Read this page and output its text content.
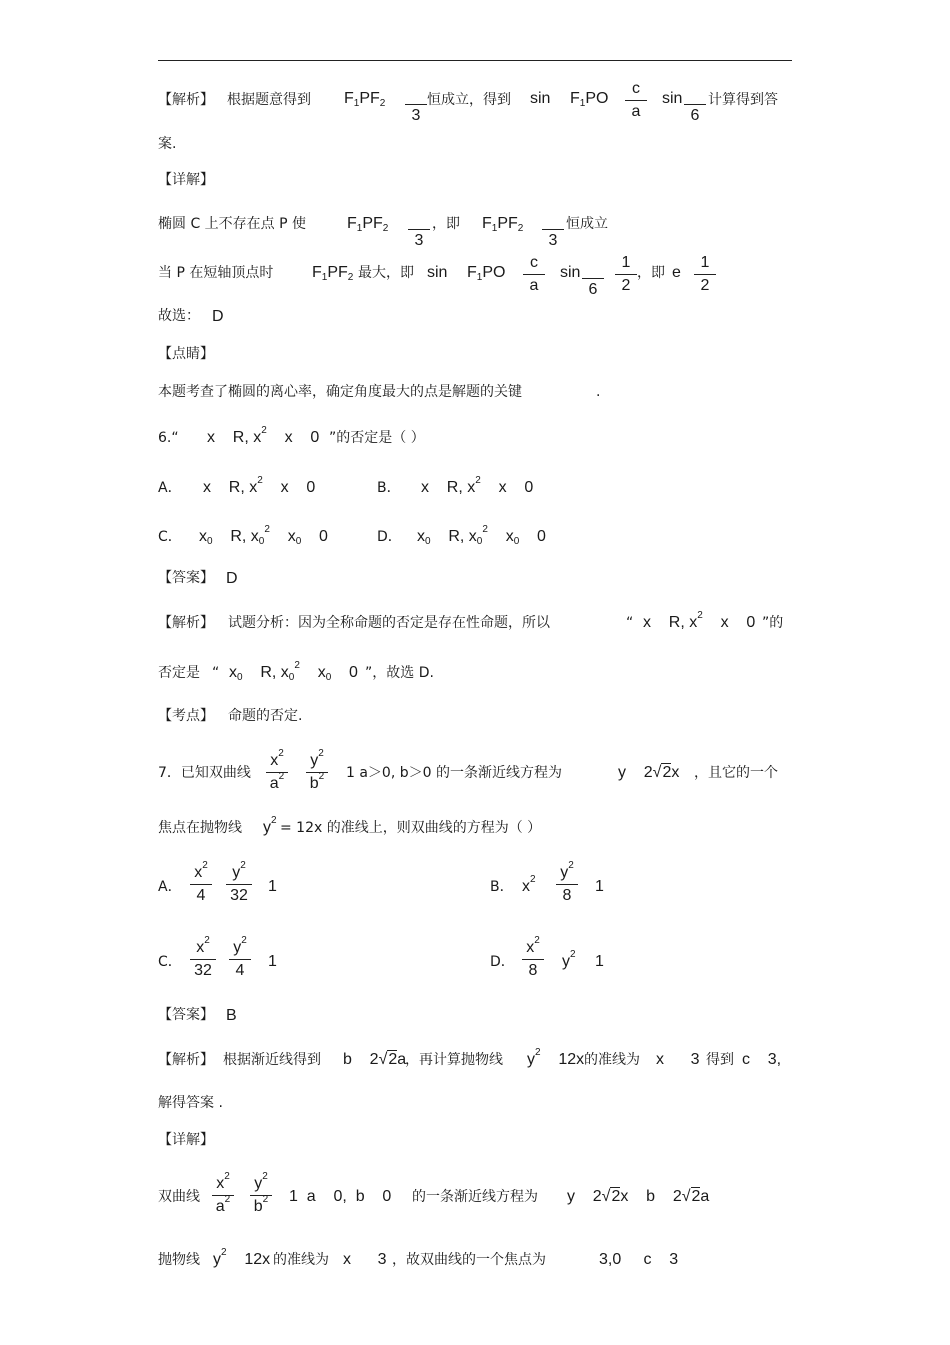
【解析】 根据题意得到 $F_1PF_2$

3
恒成立，得到 $\sin F_1PO$
c
a
sin

6
计算得到答
案.
【详解】
椭圆 C 上不存在点 P 使	$F_1PF_2$

3
，即 $F_1PF_2$

3
恒成立
当 P 在短轴顶点时 $F_1PF_2$ 最大，即 $\sin F_1PO$
c
a
sin

6
1
2
，即 e
1
2
故选： D
【点睛】
本题考查了椭圆的离心率，确定角度最大的点是解题的关键	.
6.“ x    R, $x^2$    x    0 ”的否定是（ ）
A． x    R, $x^2$    x    0	B． x    R, $x^2$    x    0
C． $x_0$    R, $x_0^2$    $x_0$    0	D． $x_0$    R, $x_0^2$    $x_0$    0
【答案】 D
【解析】 试题分析：因为全称命题的否定是存在性命题，所以	“ x    R, $x^2$    x    0 ”的
否定是 “ $x_0$    R, $x_0^2$    $x_0$    0 ”，故选 D.
【考点】 命题的否定.
7．已知双曲线
$x^2$
$a^2$
$y^2$
$b^2$ 1 a＞0, b＞0 的一条渐近线方程为	y    2√2x ，且它的一个
焦点在抛物线 $y^2 = 12x$ 的准线上，则双曲线的方程为（ ）
A．
$x^2$
4
$y^2$
32
1	B． $x^2$ $y^2$
8
1
C．
$x^2$
32
$y^2$
4
1	D．
$x^2$
8
$y^2$ 1
【答案】 B
【解析】 根据渐近线得到 b    2√2a
，再计算抛物线 $y^2$    12x 的准线为 x      3 得到 c    3,
解得答案 .
【详解】
双曲线
$x^2$
$a^2$
$y^2$
$b^2$ 1  a    0,  b    0 的一条渐近线方程为 y    2√2x    b    2√2a
抛物线 $y^2$    12x 的准线为 x      3 ，故双曲线的一个焦点为	3,0     c    3
